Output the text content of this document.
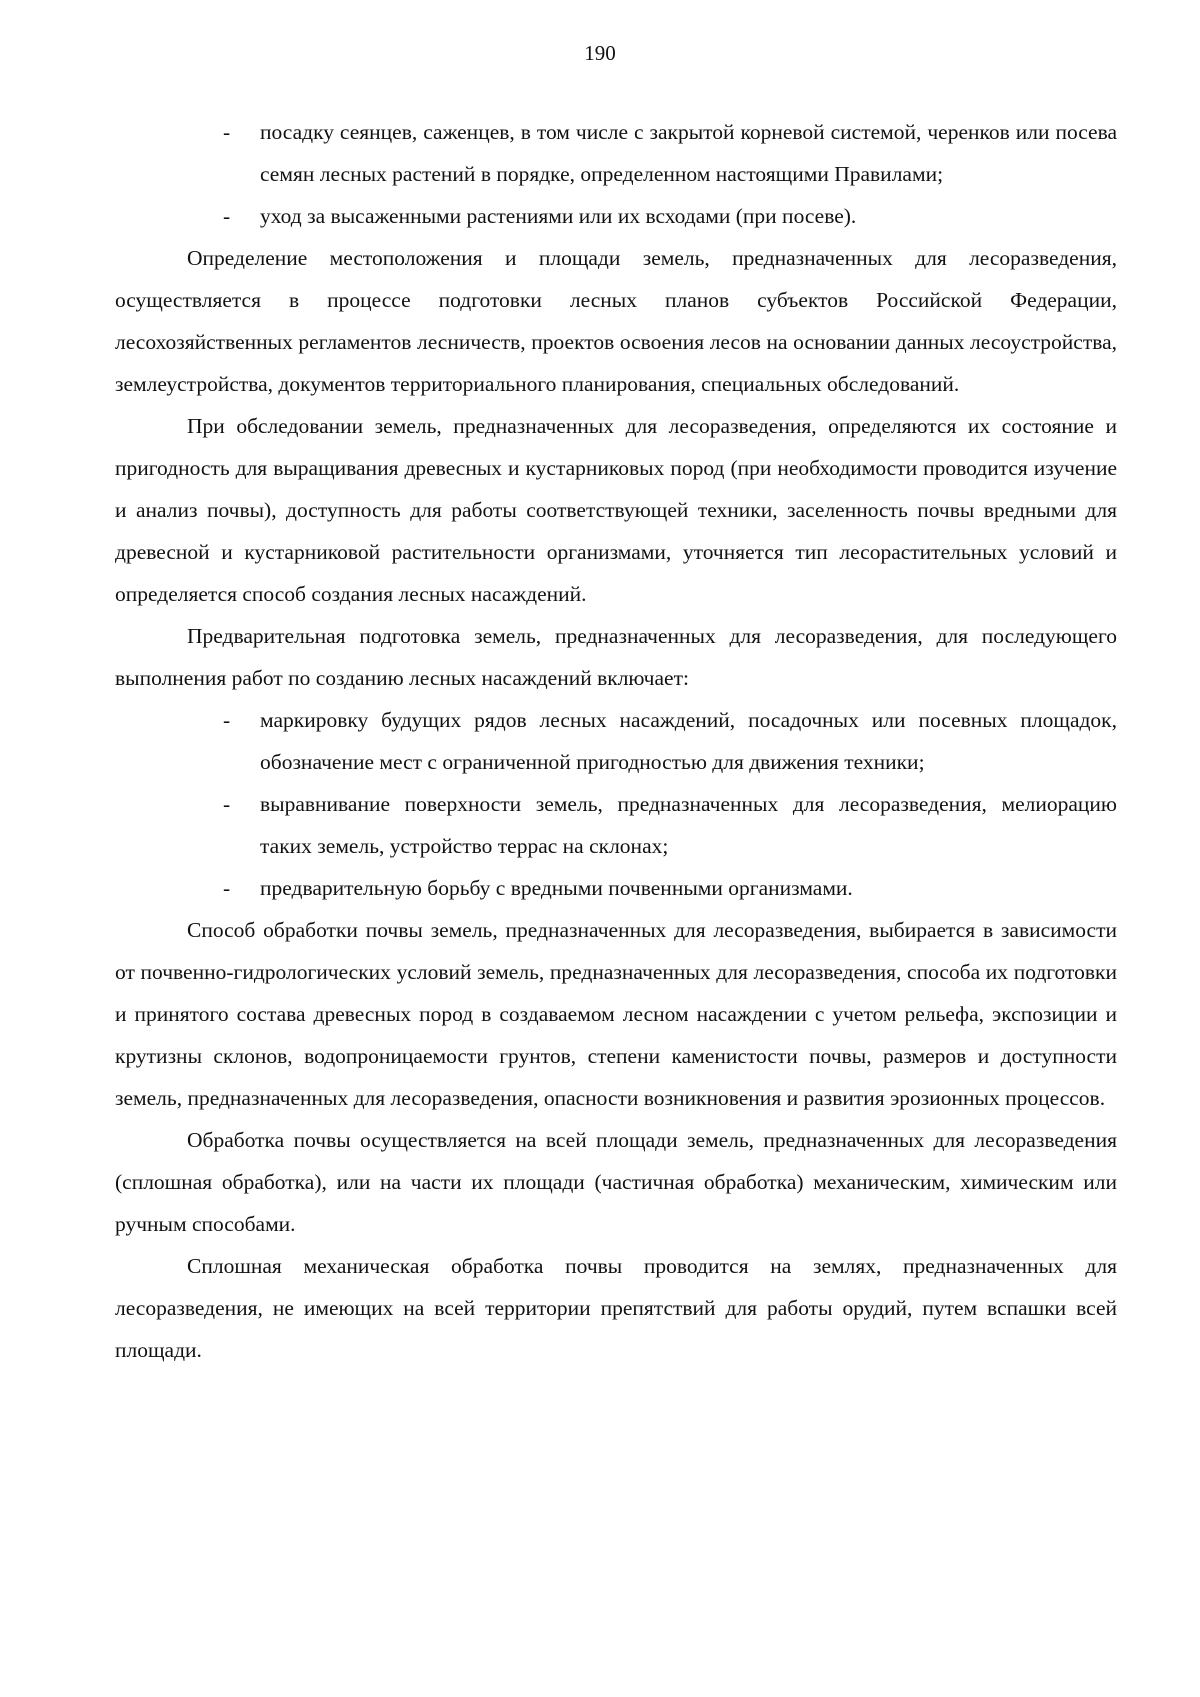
190
- посадку сеянцев, саженцев, в том числе с закрытой корневой системой, черенков или посева семян лесных растений в порядке, определенном настоящими Правилами;
- уход за высаженными растениями или их всходами (при посеве).

Определение местоположения и площади земель, предназначенных для лесоразведения, осуществляется в процессе подготовки лесных планов субъектов Российской Федерации, лесохозяйственных регламентов лесничеств, проектов освоения лесов на основании данных лесоустройства, землеустройства, документов территориального планирования, специальных обследований.

При обследовании земель, предназначенных для лесоразведения, определяются их состояние и пригодность для выращивания древесных и кустарниковых пород (при необходимости проводится изучение и анализ почвы), доступность для работы соответствующей техники, заселенность почвы вредными для древесной и кустарниковой растительности организмами, уточняется тип лесорастительных условий и определяется способ создания лесных насаждений.

Предварительная подготовка земель, предназначенных для лесоразведения, для последующего выполнения работ по созданию лесных насаждений включает:

- маркировку будущих рядов лесных насаждений, посадочных или посевных площадок, обозначение мест с ограниченной пригодностью для движения техники;
- выравнивание поверхности земель, предназначенных для лесоразведения, мелиорацию таких земель, устройство террас на склонах;
- предварительную борьбу с вредными почвенными организмами.

Способ обработки почвы земель, предназначенных для лесоразведения, выбирается в зависимости от почвенно-гидрологических условий земель, предназначенных для лесоразведения, способа их подготовки и принятого состава древесных пород в создаваемом лесном насаждении с учетом рельефа, экспозиции и крутизны склонов, водопроницаемости грунтов, степени каменистости почвы, размеров и доступности земель, предназначенных для лесоразведения, опасности возникновения и развития эрозионных процессов.

Обработка почвы осуществляется на всей площади земель, предназначенных для лесоразведения (сплошная обработка), или на части их площади (частичная обработка) механическим, химическим или ручным способами.

Сплошная механическая обработка почвы проводится на землях, предназначенных для лесоразведения, не имеющих на всей территории препятствий для работы орудий, путем вспашки всей площади.
